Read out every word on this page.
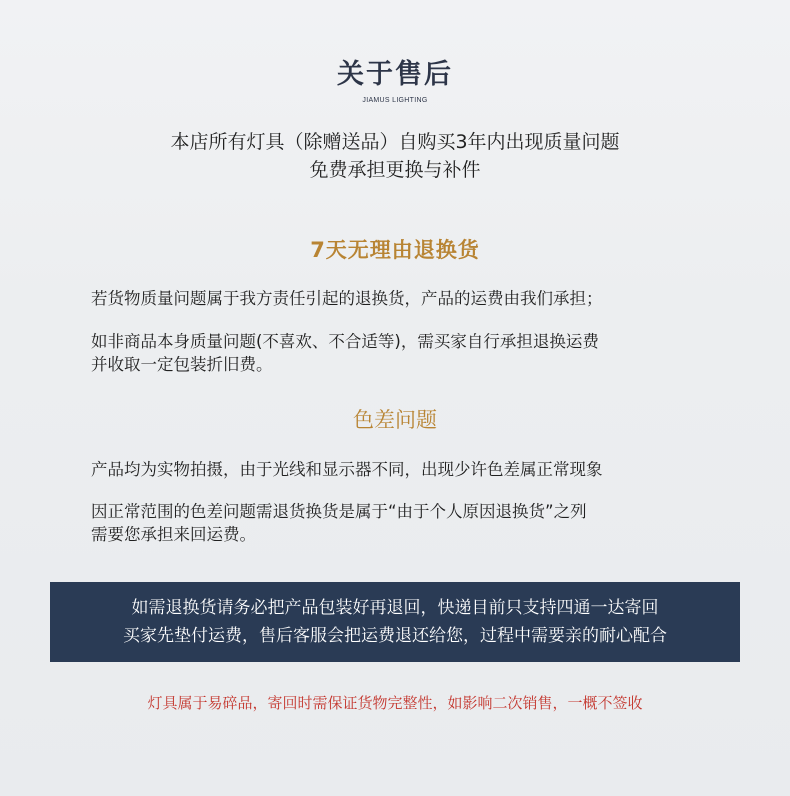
关于售后
JIAMUS LIGHTING
本店所有灯具（除赠送品）自购买3年内出现质量问题
免费承担更换与补件
7天无理由退换货
若货物质量问题属于我方责任引起的退换货，产品的运费由我们承担；
如非商品本身质量问题(不喜欢、不合适等)，需买家自行承担退换运费
并收取一定包装折旧费。
色差问题
产品均为实物拍摄，由于光线和显示器不同，出现少许色差属正常现象
因正常范围的色差问题需退货换货是属于“由于个人原因退换货”之列
需要您承担来回运费。
如需退换货请务必把产品包装好再退回，快递目前只支持四通一达寄回
买家先垫付运费，售后客服会把运费退还给您，过程中需要亲的耐心配合
灯具属于易碎品，寄回时需保证货物完整性，如影响二次销售，一概不签收
